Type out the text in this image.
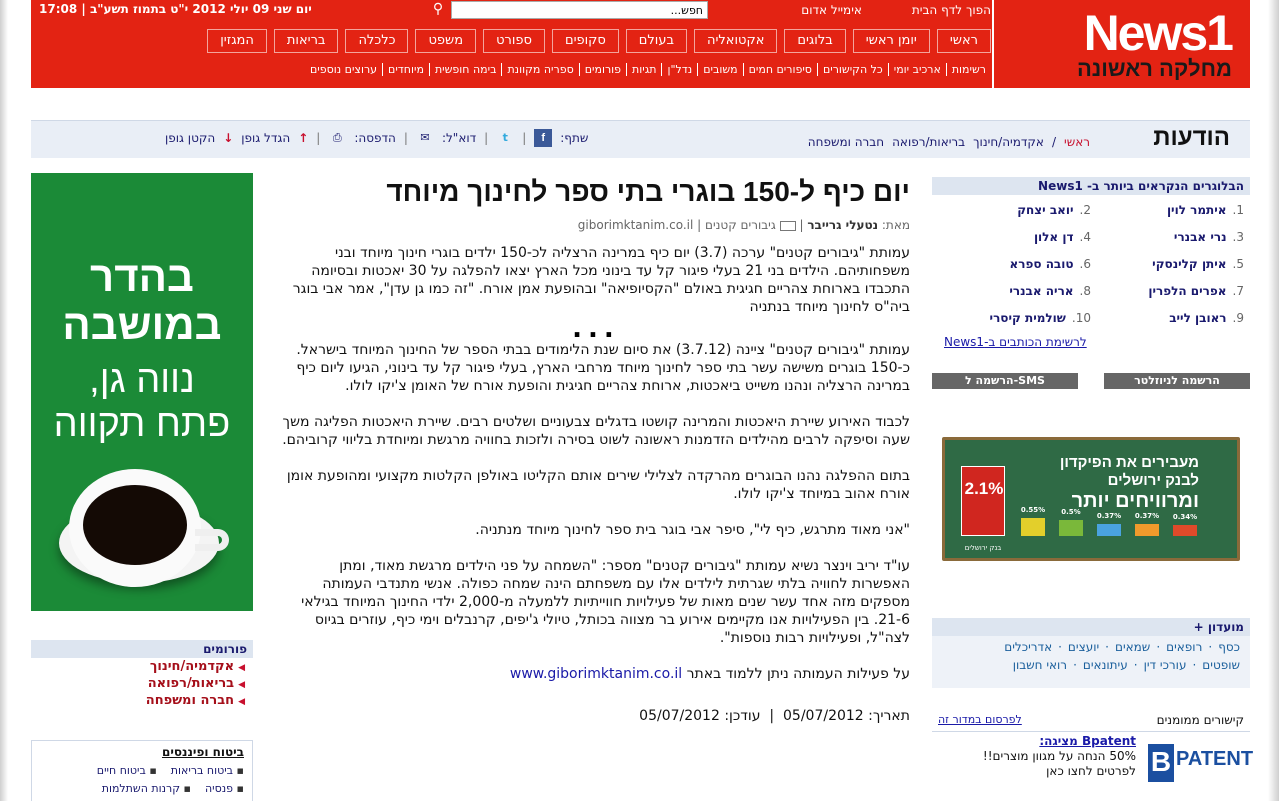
News1
מחלקה ראשונה
הפוך לדף הבית
אימייל אדום
חפש...
⚲
יום שני 09 יולי 2012 י"ט בתמוז תשע"ב | 17:08
ראשי
יומן ראשי
בלוגים
אקטואליה
בעולם
סקופים
ספורט
משפט
כלכלה
בריאות
המגזין
רשימות
ארכיב יומי
כל הקישורים
סיפורים חמים
משובים
נדל"ן
תגיות
פורומים
ספריה מקוונת
בימה חופשית
מיוחדים
ערוצים נוספים
הודעות
ראשי
/
אקדמיה/חינוך
בריאות/רפואה
חברה ומשפחה
שתף:
f
|
t
|
דוא"ל:
✉
|
הדפסה:
⎙
|
↑
הגדל גופן
↓
הקטן גופן
בהדר
במושבה
נווה גן,
פתח תקווה
פורומים
◀אקדמיה/חינוך
◀בריאות/רפואה
◀חברה ומשפחה
ביטוח ופיננסים
▪ ביטוח בריאות
▪ ביטוח חיים
▪ פנסיה
▪ קרנות השתלמות
יום כיף ל-150 בוגרי בתי ספר לחינוך מיוחד
מאת: נטעלי גרייבר |  גיבורים קטנים | giborimktanim.co.il
עמותת "גיבורים קטנים" ערכה (3.7) יום כיף במרינה הרצליה לכ-150 ילדים בוגרי חינוך מיוחד ובני משפחותיהם. הילדים בני 21 בעלי פיגור קל עד בינוני מכל הארץ יצאו להפלגה על 30 יאכטות ובסיומה התכבדו בארוחת צהריים חגיגית באולם "הקסיופיאה" ובהופעת אמן אורח. "זה כמו גן עדן", אמר אבי בוגר ביה"ס לחינוך מיוחד בנתניה
...
עמותת "גיבורים קטנים" ציינה (3.7.12) את סיום שנת הלימודים בבתי הספר של החינוך המיוחד בישראל. כ-150 בוגרים משישה עשר בתי ספר לחינוך מיוחד מרחבי הארץ, בעלי פיגור קל עד בינוני, הגיעו ליום כיף במרינה הרצליה ונהנו משייט ביאכטות, ארוחת צהריים חגיגית והופעת אורח של האומן צ'יקו לולו.
לכבוד האירוע שיירת היאכטות והמרינה קושטו בדגלים צבעוניים ושלטים רבים. שיירת היאכטות הפליגה משך שעה וסיפקה לרבים מהילדים הזדמנות ראשונה לשוט בסירה ולזכות בחוויה מרגשת ומיוחדת בליווי קרוביהם.
בתום ההפלגה נהנו הבוגרים מהרקדה לצלילי שירים אותם הקליטו באולפן הקלטות מקצועי ומהופעת אומן אורח אהוב במיוחד צ'יקו לולו.
"אני מאוד מתרגש, כיף לי", סיפר אבי בוגר בית ספר לחינוך מיוחד מנתניה.
עו"ד יריב וינצר נשיא עמותת "גיבורים קטנים" מספר: "השמחה על פני הילדים מרגשת מאוד, ומתן האפשרות לחוויה בלתי שגרתית לילדים אלו עם משפחתם הינה שמחה כפולה. אנשי מתנדבי העמותה מספקים מזה אחד עשר שנים מאות של פעילויות חווייתיות ללמעלה מ-2,000 ילדי החינוך המיוחד בגילאי 21-6. בין הפעילויות אנו מקיימים אירוע בר מצווה בכותל, טיולי ג'יפים, קרנבלים וימי כיף, עוזרים בגיוס לצה"ל, ופעילויות רבות נוספות".
על פעילות העמותה ניתן ללמוד באתר www.giborimktanim.co.il
תאריך: 05/07/2012  |  עודכן: 05/07/2012
הבלוגרים הנקראים ביותר ב- News1
1.איתמר לוין
2.יואב יצחק
3.נרי אבנרי
4.דן אלון
5.איתן קלינסקי
6.טובה ספרא
7.אפרים הלפרין
8.אריה אבנרי
9.ראובן לייב
10.שולמית קיסרי
לרשימת הכותבים ב-News1
הרשמה לניוזלטר
הרשמה ל-SMS
מעבירים את הפיקדון
לבנק ירושלים
ומרוויחים יותר
2.1%
בנק ירושלים
0.55%	0.5%	0.37%	0.37%	0.34%
מועדון +
כסף
·
רופאים
·
שמאים
·
יועצים
·
אדריכלים
שופטים
·
עורכי דין
·
עיתונאים
·
רואי חשבון
קישורים ממומנים
לפרסום במדור זה
B PATENT
Bpatent מציגה:
50% הנחה על מגוון מוצרים!!
לפרטים לחצו כאן
